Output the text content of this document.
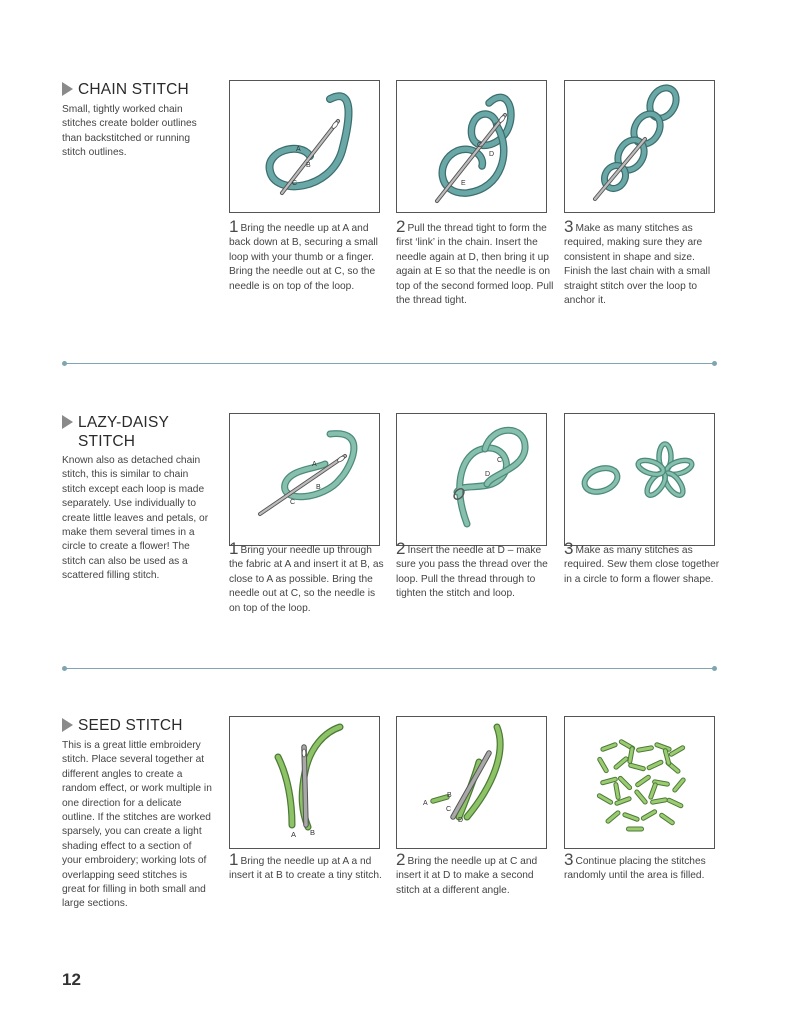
CHAIN STITCH
Small, tightly worked chain stitches create bolder outlines than backstitched or running stitch outlines.	A
B
C
1 Bring the needle up at A and back down at B, securing a small loop with your thumb or a finger. Bring the needle out at C, so the needle is on top of the loop.
C
D
E
2 Pull the thread tight to form the first ‘link’ in the chain. Insert the needle again at D, then bring it up again at E so that the needle is on top of the second formed loop. Pull the thread tight.
3 Make as many stitches as required, making sure they are consistent in shape and size. Finish the last chain with a small straight stitch over the loop to anchor it.
LAZY-DAISY
STITCH
Known also as detached chain stitch, this is similar to chain stitch except each loop is made separately. Use individually to create little leaves and petals, or make them several times in a circle to create a flower! The stitch can also be used as a scattered filling stitch.
A
B
C
1 Bring your needle up through the fabric at A and insert it at B, as close to A as possible. Bring the needle out at C, so the needle is on top of the loop.
C
D
2 Insert the needle at D – make sure you pass the thread over the loop. Pull the thread through to tighten the stitch and loop.
3 Make as many stitches as required. Sew them close together in a circle to form a flower shape.
SEED STITCH
This is a great little embroidery stitch. Place several together at different angles to create a random effect, or work multiple in one direction for a delicate outline. If the stitches are worked sparsely, you can create a light shading effect to a section of your embroidery; working lots of overlapping seed stitches is great for filling in both small and large sections.
A B
1 Bring the needle up at A a nd insert it at B to create a tiny stitch.
A
B
C
D
2 Bring the needle up at C and insert it at D to make a second stitch at a different angle.
3 Continue placing the stitches randomly until the area is filled.
12
